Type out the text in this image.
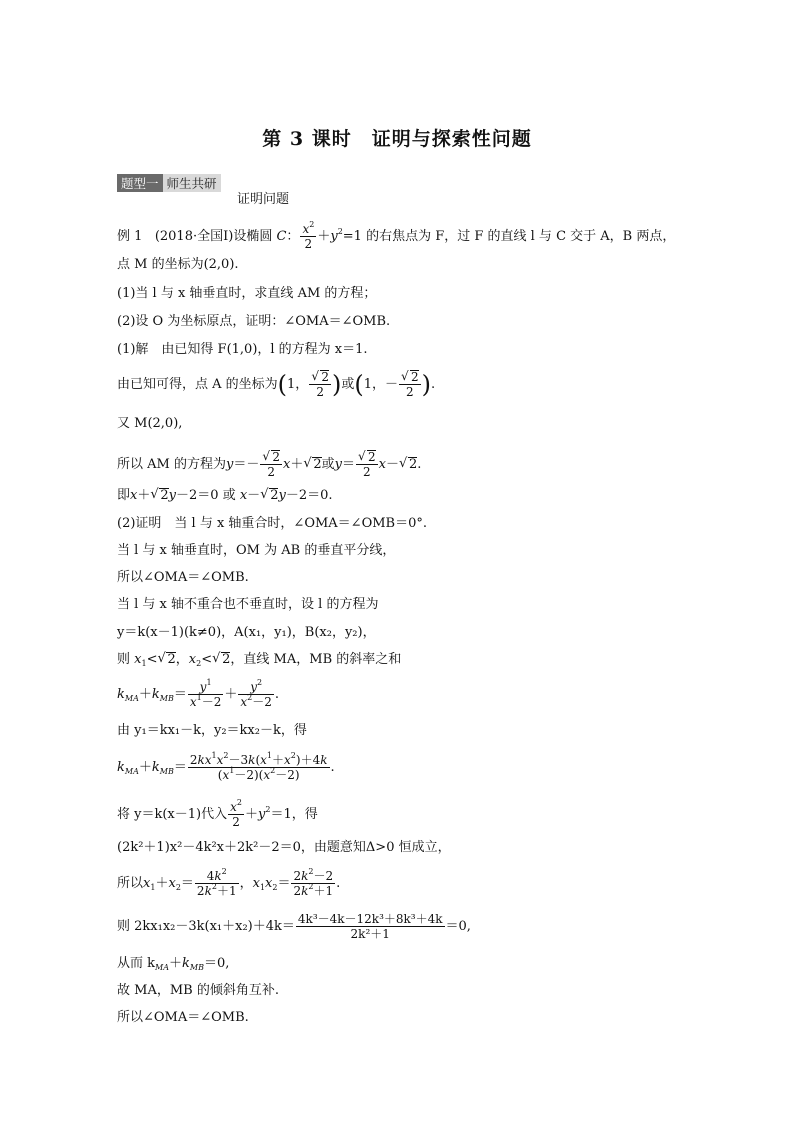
第 3 课时　证明与探索性问题
题型一 师生共研
证明问题
例 1 (2018·全国Ⅰ)设椭圆 C： $\frac{x^2}{2} +y^2=1$ 的右焦点为 F，过 F 的直线 l 与 C 交于 A，B 两点，
点 M 的坐标为(2,0).
(1)当 l 与 x 轴垂直时，求直线 AM 的方程；
(2)设 O 为坐标原点，证明：∠OMA＝∠OMB.
(1)解　由已知得 F(1,0)，l 的方程为 x＝1.
由已知可得，点 A 的坐标为(1，
√ $\frac{2}{2}$ )或(1，－
√ $\frac{2}{2}$ ).
又 M(2,0),
所以 AM 的方程为y＝－
√ $\frac{2}{2} x+√$ 2或y＝
√ $\frac{2}{2} x-√$ 2.
即x＋√ 2y－2＝0 或 x－√ 2y－2＝0.
(2)证明　当 l 与 x 轴重合时，∠OMA＝∠OMB＝0°.
当 l 与 x 轴垂直时，OM 为 AB 的垂直平分线，
所以∠OMA＝∠OMB.
当 l 与 x 轴不重合也不垂直时，设 l 的方程为
y＝k(x－1)(k≠0)，A(x₁，y₁)，B(x₂，y₂)，
则 $x_1<√$ 2，$x_2<√$ 2，直线 MA，MB 的斜率之和
$k_{MA}+k_{MB}= \frac{y^1}{x^1-2} + \frac{y^2}{x^2-2}$ .
由 y₁＝kx₁－k，y₂＝kx₂－k，得
$k_{MA}+k_{MB}= \frac{2kx^1x^2-3k(x^1+x^2)+4k}{(x^1-2)(x^2-2)}$ .
将 y＝k(x－1)代入 $\frac{x^2}{2} +y^2=1$，得
(2k²＋1)x²－4k²x＋2k²－2＝0，由题意知Δ>0 恒成立，
所以$x_1+x_2= \frac{4k^2}{2k^2+1}$ ，$x_1x_2= \frac{2k^2-2}{2k^2+1}$ .
则 $2kx_1x_2-3k(x_1+x_2)+4k= \frac{\text{4k³－4k－12k³＋8k³＋4k}}{\text{2k²＋1}} =0$,
从而 $k_{MA}+k_{MB}=0$,
故 MA，MB 的倾斜角互补.
所以∠OMA＝∠OMB.
